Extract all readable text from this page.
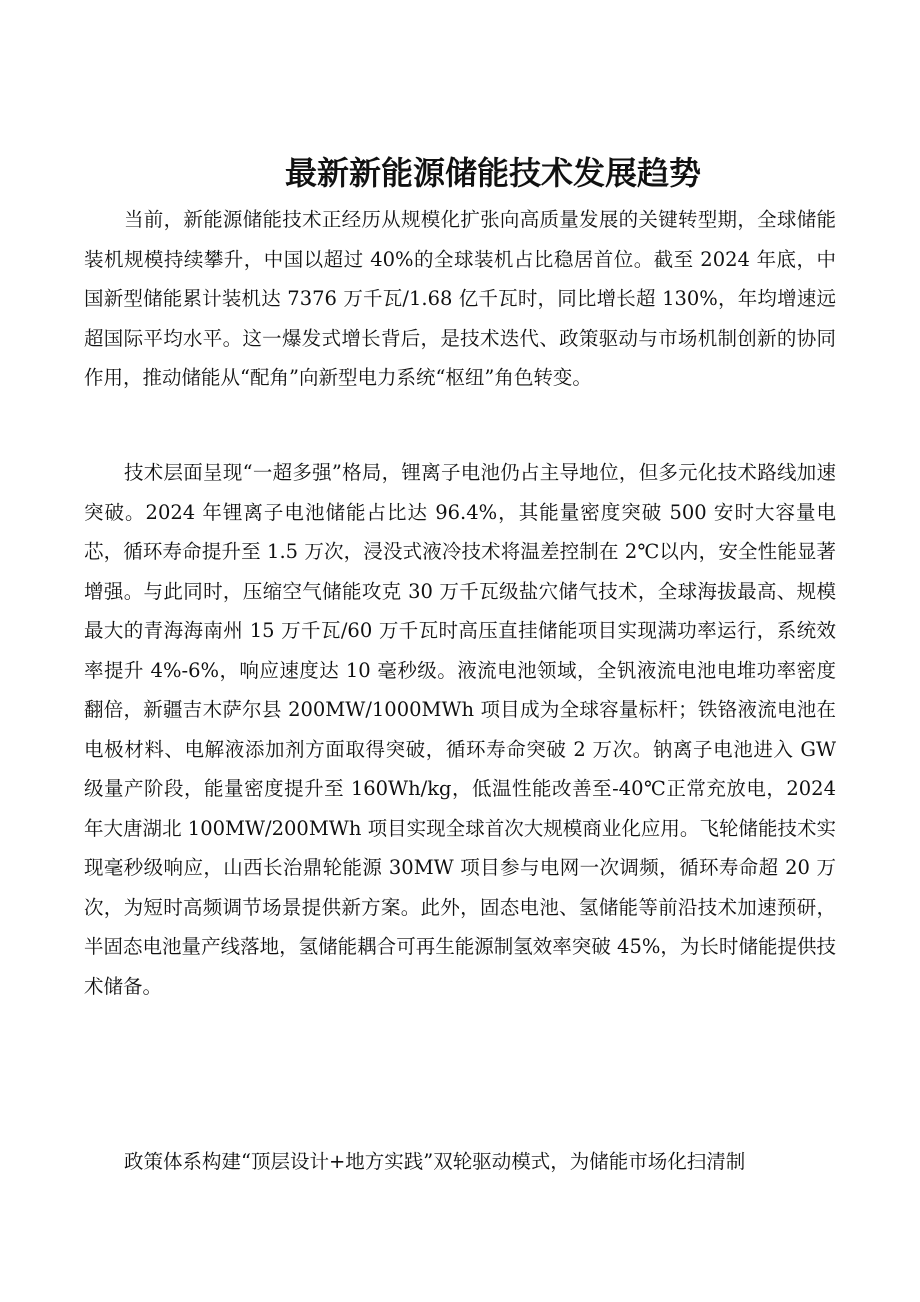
最新新能源储能技术发展趋势

当前，新能源储能技术正经历从规模化扩张向高质量发展的关键转型期，全球储能装机规模持续攀升，中国以超过 40%的全球装机占比稳居首位。截至 2024 年底，中国新型储能累计装机达 7376 万千瓦/1.68 亿千瓦时，同比增长超 130%，年均增速远超国际平均水平。这一爆发式增长背后，是技术迭代、政策驱动与市场机制创新的协同作用，推动储能从“配角”向新型电力系统“枢纽”角色转变。

技术层面呈现“一超多强”格局，锂离子电池仍占主导地位，但多元化技术路线加速突破。2024 年锂离子电池储能占比达 96.4%，其能量密度突破 500 安时大容量电芯，循环寿命提升至 1.5 万次，浸没式液冷技术将温差控制在 2℃以内，安全性能显著增强。与此同时，压缩空气储能攻克 30 万千瓦级盐穴储气技术，全球海拔最高、规模最大的青海海南州 15 万千瓦/60 万千瓦时高压直挂储能项目实现满功率运行，系统效率提升 4%-6%，响应速度达 10 毫秒级。液流电池领域，全钒液流电池电堆功率密度翻倍，新疆吉木萨尔县 200MW/1000MWh 项目成为全球容量标杆；铁铬液流电池在电极材料、电解液添加剂方面取得突破，循环寿命突破 2 万次。钠离子电池进入 GW 级量产阶段，能量密度提升至 160Wh/kg，低温性能改善至-40℃正常充放电，2024 年大唐湖北 100MW/200MWh 项目实现全球首次大规模商业化应用。飞轮储能技术实现毫秒级响应，山西长治鼎轮能源 30MW 项目参与电网一次调频，循环寿命超 20 万次，为短时高频调节场景提供新方案。此外，固态电池、氢储能等前沿技术加速预研，半固态电池量产线落地，氢储能耦合可再生能源制氢效率突破 45%，为长时储能提供技术储备。

政策体系构建“顶层设计+地方实践”双轮驱动模式，为储能市场化扫清制
